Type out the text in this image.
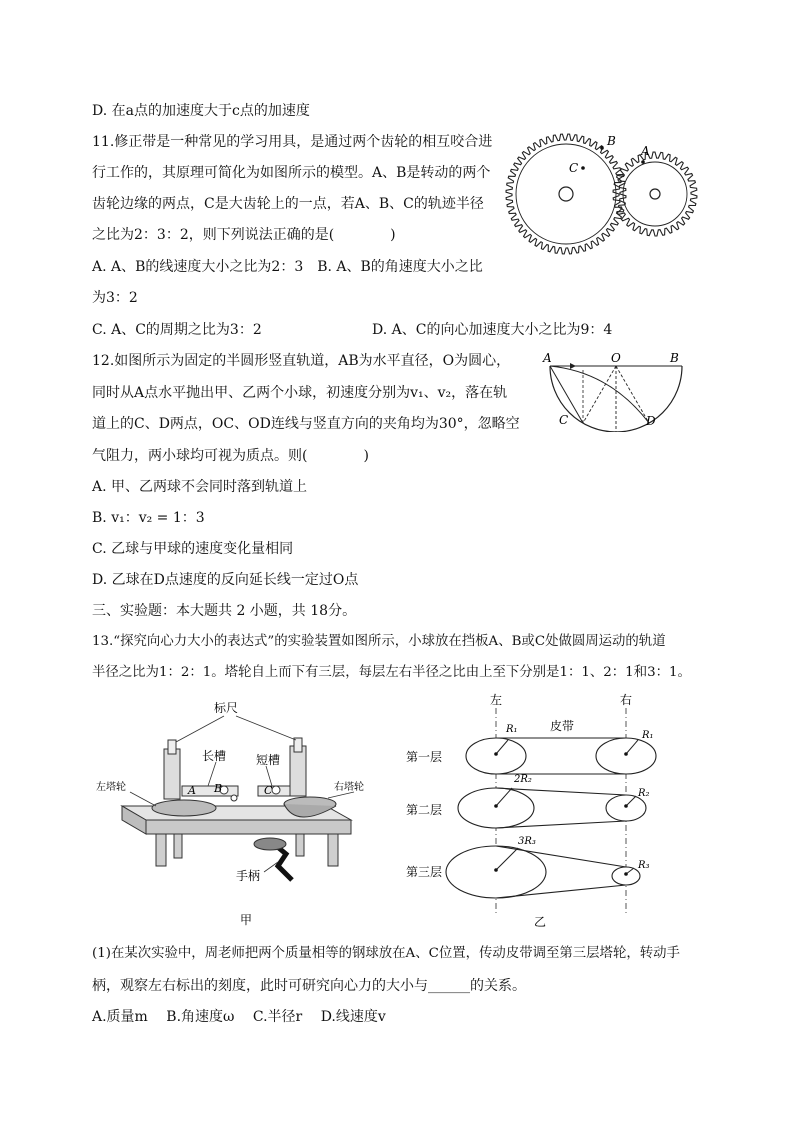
D. 在a点的加速度大于c点的加速度
11.修正带是一种常见的学习用具，是通过两个齿轮的相互咬合进
行工作的，其原理可简化为如图所示的模型。A、B是转动的两个
齿轮边缘的两点，C是大齿轮上的一点，若A、B、C的轨迹半径
之比为2：3：2，则下列说法正确的是(　　　　)
A. A、B的线速度大小之比为2：3　B. A、B的角速度大小之比
为3：2
C. A、C的周期之比为3：2	D. A、C的向心加速度大小之比为9：4
12.如图所示为固定的半圆形竖直轨道，AB为水平直径，O为圆心，
同时从A点水平抛出甲、乙两个小球，初速度分别为v₁、v₂，落在轨
道上的C、D两点，OC、OD连线与竖直方向的夹角均为30°，忽略空
气阻力，两小球均可视为质点。则(　　　　)
A. 甲、乙两球不会同时落到轨道上
B. v₁：v₂ = 1：3
C. 乙球与甲球的速度变化量相同
D. 乙球在D点速度的反向延长线一定过O点
三、实验题：本大题共 2 小题，共 18分。
13.“探究向心力大小的表达式”的实验装置如图所示，小球放在挡板A、B或C处做圆周运动的轨道
半径之比为1：2：1。塔轮自上而下有三层，每层左右半径之比由上至下分别是1：1、2：1和3：1。
(1)在某次实验中，周老师把两个质量相等的钢球放在A、C位置，传动皮带调至第三层塔轮，转动手
柄，观察左右标出的刻度，此时可研究向心力的大小与______的关系。
A.质量m　 B.角速度ω　 C.半径r　 D.线速度v
B
C
A
A	O	B
C	D
标尺
长槽 短槽
左塔轮	右塔轮
手柄
A B	C
甲
左	右
皮带
R₁
R₁
第一层
2R₂
R₂
第二层
3R₃
R₃
第三层
乙
